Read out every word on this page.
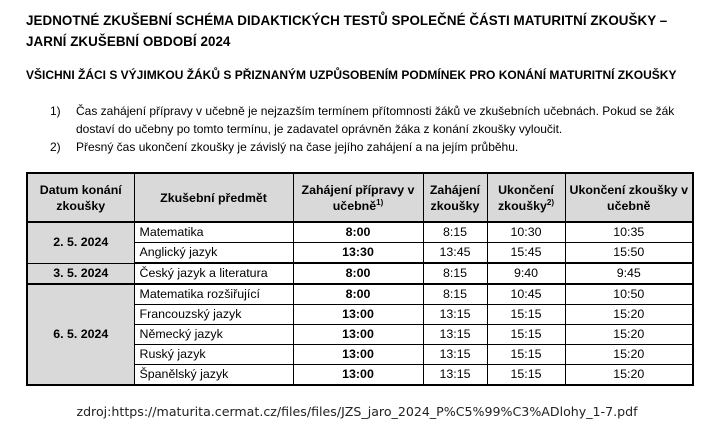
JEDNOTNÉ ZKUŠEBNÍ SCHÉMA DIDAKTICKÝCH TESTŮ SPOLEČNÉ ČÁSTI MATURITNÍ ZKOUŠKY – JARNÍ ZKUŠEBNÍ OBDOBÍ 2024
VŠICHNI ŽÁCI S VÝJIMKOU ŽÁKŮ S PŘIZNANÝM UZPŮSOBENÍM PODMÍNEK PRO KONÁNÍ MATURITNÍ ZKOUŠKY
1) Čas zahájení přípravy v učebně je nejzazším termínem přítomnosti žáků ve zkušebních učebnách. Pokud se žák dostaví do učebny po tomto termínu, je zadavatel oprávněn žáka z konání zkoušky vyloučit.
2) Přesný čas ukončení zkoušky je závislý na čase jejího zahájení a na jejím průběhu.
Datum konání zkoušky	Zkušební předmět	Zahájení přípravy v učebně$^{1)}$	Zahájení zkoušky	Ukončení zkoušky$^{2)}$	Ukončení zkoušky v učebně
2. 5. 2024	Matematika	8:00	8:15	10:30	10:35
	Anglický jazyk	13:30	13:45	15:45	15:50
3. 5. 2024	Český jazyk a literatura	8:00	8:15	9:40	9:45
6. 5. 2024	Matematika rozšiřující	8:00	8:15	10:45	10:50
	Francouzský jazyk	13:00	13:15	15:15	15:20
	Německý jazyk	13:00	13:15	15:15	15:20
	Ruský jazyk	13:00	13:15	15:15	15:20
	Španělský jazyk	13:00	13:15	15:15	15:20
zdroj:https://maturita.cermat.cz/files/files/JZS_jaro_2024_P%C5%99%C3%ADlohy_1-7.pdf
